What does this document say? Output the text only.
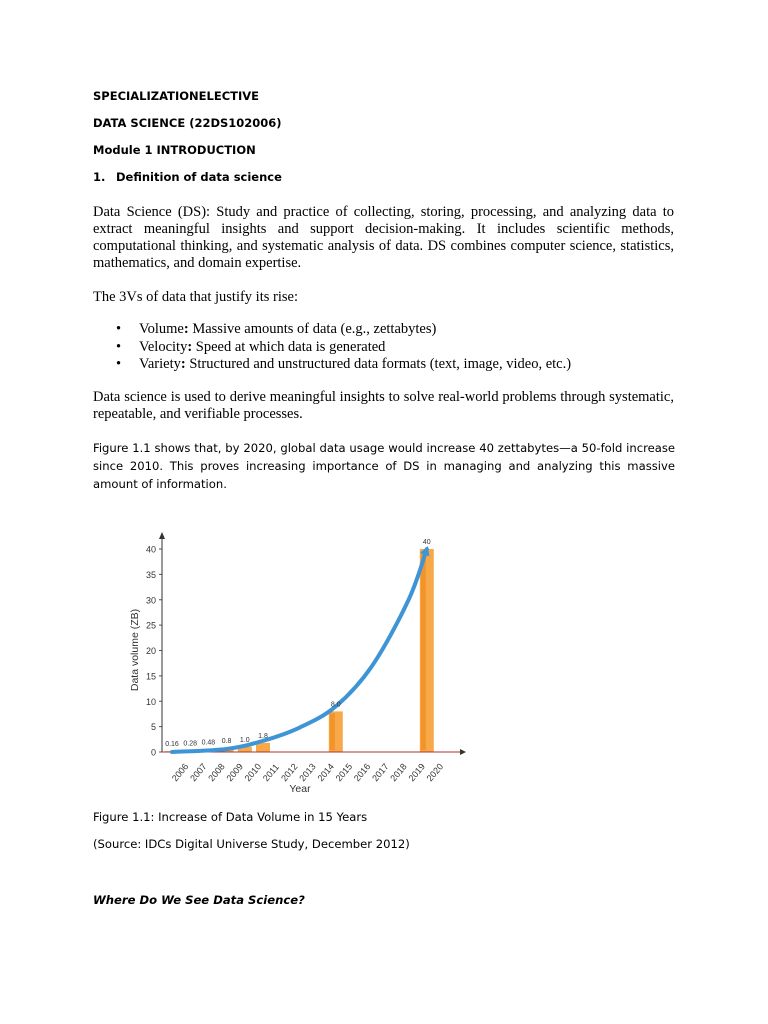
SPECIALIZATIONELECTIVE

DATA SCIENCE (22DS102006)

Module 1 INTRODUCTION

1. Definition of data science

Data Science (DS): Study and practice of collecting, storing, processing, and analyzing data to extract meaningful insights and support decision-making. It includes scientific methods, computational thinking, and systematic analysis of data. DS combines computer science, statistics, mathematics, and domain expertise.

The 3Vs of data that justify its rise:

• Volume: Massive amounts of data (e.g., zettabytes)
• Velocity: Speed at which data is generated
• Variety: Structured and unstructured data formats (text, image, video, etc.)

Data science is used to derive meaningful insights to solve real-world problems through systematic, repeatable, and verifiable processes.

Figure 1.1 shows that, by 2020, global data usage would increase 40 zettabytes—a 50-fold increase since 2010. This proves increasing importance of DS in managing and analyzing this massive amount of information.

0
5
10
15
20
25
30
35
40
2006
2007
2008
2009
2010
2011
2012
2013
2014
2015
2016
2017
2018
2019
2020
Year
Data volume (ZB)
0.16 0.28 0.48 0.8 1.0
1.8
8.0
40

Figure 1.1: Increase of Data Volume in 15 Years

(Source: IDCs Digital Universe Study, December 2012)

Where Do We See Data Science?
